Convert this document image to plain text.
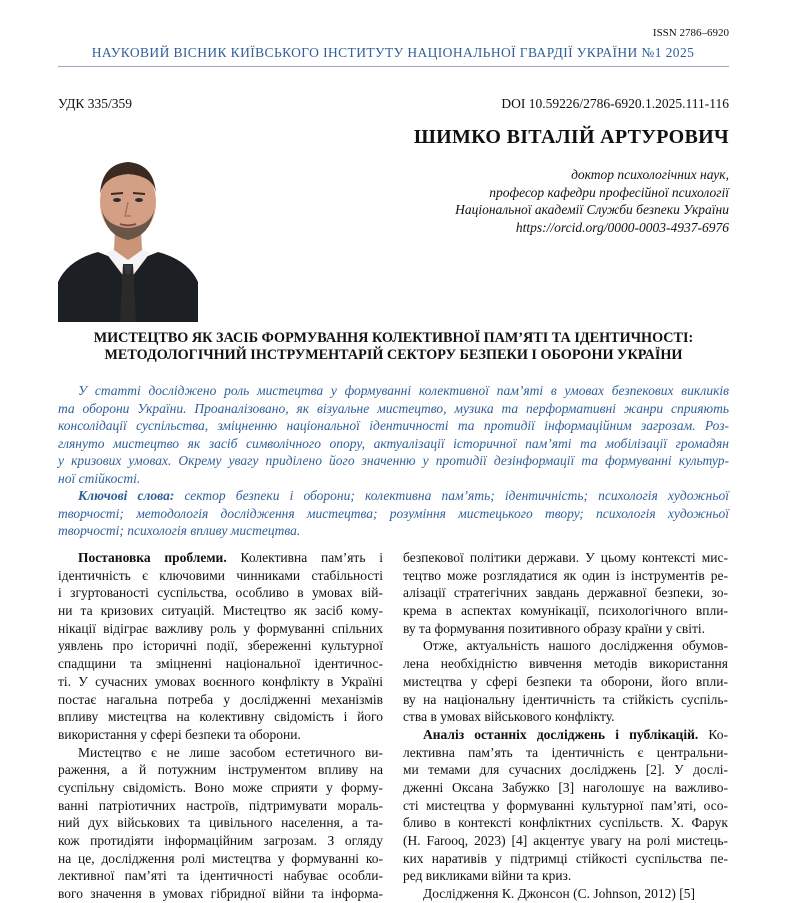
ISSN 2786–6920
НАУКОВИЙ ВІСНИК КИЇВСЬКОГО ІНСТИТУТУ НАЦІОНАЛЬНОЇ ГВАРДІЇ УКРАЇНИ №1 2025
УДК 335/359	DOI 10.59226/2786-6920.1.2025.111-116
ШИМКО ВІТАЛІЙ АРТУРОВИЧ
доктор психологічних наук,
професор кафедри професійної психології
Національної академії Служби безпеки України
https://orcid.org/0000-0003-4937-6976
МИСТЕЦТВО ЯК ЗАСІБ ФОРМУВАННЯ КОЛЕКТИВНОЇ ПАМ’ЯТІ ТА ІДЕНТИЧНОСТІ:
МЕТОДОЛОГІЧНИЙ ІНСТРУМЕНТАРІЙ СЕКТОРУ БЕЗПЕКИ І ОБОРОНИ УКРАЇНИ
У статті досліджено роль мистецтва у формуванні колективної пам’яті в умовах безпекових викликів
та оборони України. Проаналізовано, як візуальне мистецтво, музика та перформативні жанри сприяють
консолідації суспільства, зміцненню національної ідентичності та протидії інформаційним загрозам. Роз-
глянуто мистецтво як засіб символічного опору, актуалізації історичної пам’яті та мобілізації громадян
у кризових умовах. Окрему увагу приділено його значенню у протидії дезінформації та формуванні культур-
ної стійкості.
Ключові слова: сектор безпеки і оборони; колективна пам’ять; ідентичність; психологія художньої
творчості; методологія дослідження мистецтва; розуміння мистецького твору; психологія художньої
творчості; психологія впливу мистецтва.
Постановка проблеми. Колективна пам’ять і
ідентичність є ключовими чинниками стабільності
і згуртованості суспільства, особливо в умовах вій-
ни та кризових ситуацій. Мистецтво як засіб кому-
нікації відіграє важливу роль у формуванні спільних
уявлень про історичні події, збереженні культурної
спадщини та зміцненні національної ідентичнос-
ті. У сучасних умовах воєнного конфлікту в Україні
постає нагальна потреба у дослідженні механізмів
впливу мистецтва на колективну свідомість і його
використання у сфері безпеки та оборони.
Мистецтво є не лише засобом естетичного ви-
раження, а й потужним інструментом впливу на
суспільну свідомість. Воно може сприяти у форму-
ванні патріотичних настроїв, підтримувати мораль-
ний дух військових та цивільного населення, а та-
кож протидіяти інформаційним загрозам. З огляду
на це, дослідження ролі мистецтва у формуванні ко-
лективної пам’яті та ідентичності набуває особли-
вого значення в умовах гібридної війни та інформа-
безпекової політики держави. У цьому контексті мис-
тецтво може розглядатися як один із інструментів ре-
алізації стратегічних завдань державної безпеки, зо-
крема в аспектах комунікації, психологічного впли-
ву та формування позитивного образу країни у світі.
Отже, актуальність нашого дослідження обумов-
лена необхідністю вивчення методів використання
мистецтва у сфері безпеки та оборони, його впли-
ву на національну ідентичність та стійкість суспіль-
ства в умовах військового конфлікту.
Аналіз останніх досліджень і публікацій. Ко-
лективна пам’ять та ідентичність є центральни-
ми темами для сучасних досліджень [2]. У дослі-
дженні Оксана Забужко [3] наголошує на важливо-
сті мистецтва у формуванні культурної пам’яті, осо-
бливо в контексті конфліктних суспільств. Х. Фарук
(H. Farooq, 2023) [4] акцентує увагу на ролі мистець-
ких наративів у підтримці стійкості суспільства пе-
ред викликами війни та криз.
Дослідження К. Джонсон (C. Johnson, 2012) [5]
